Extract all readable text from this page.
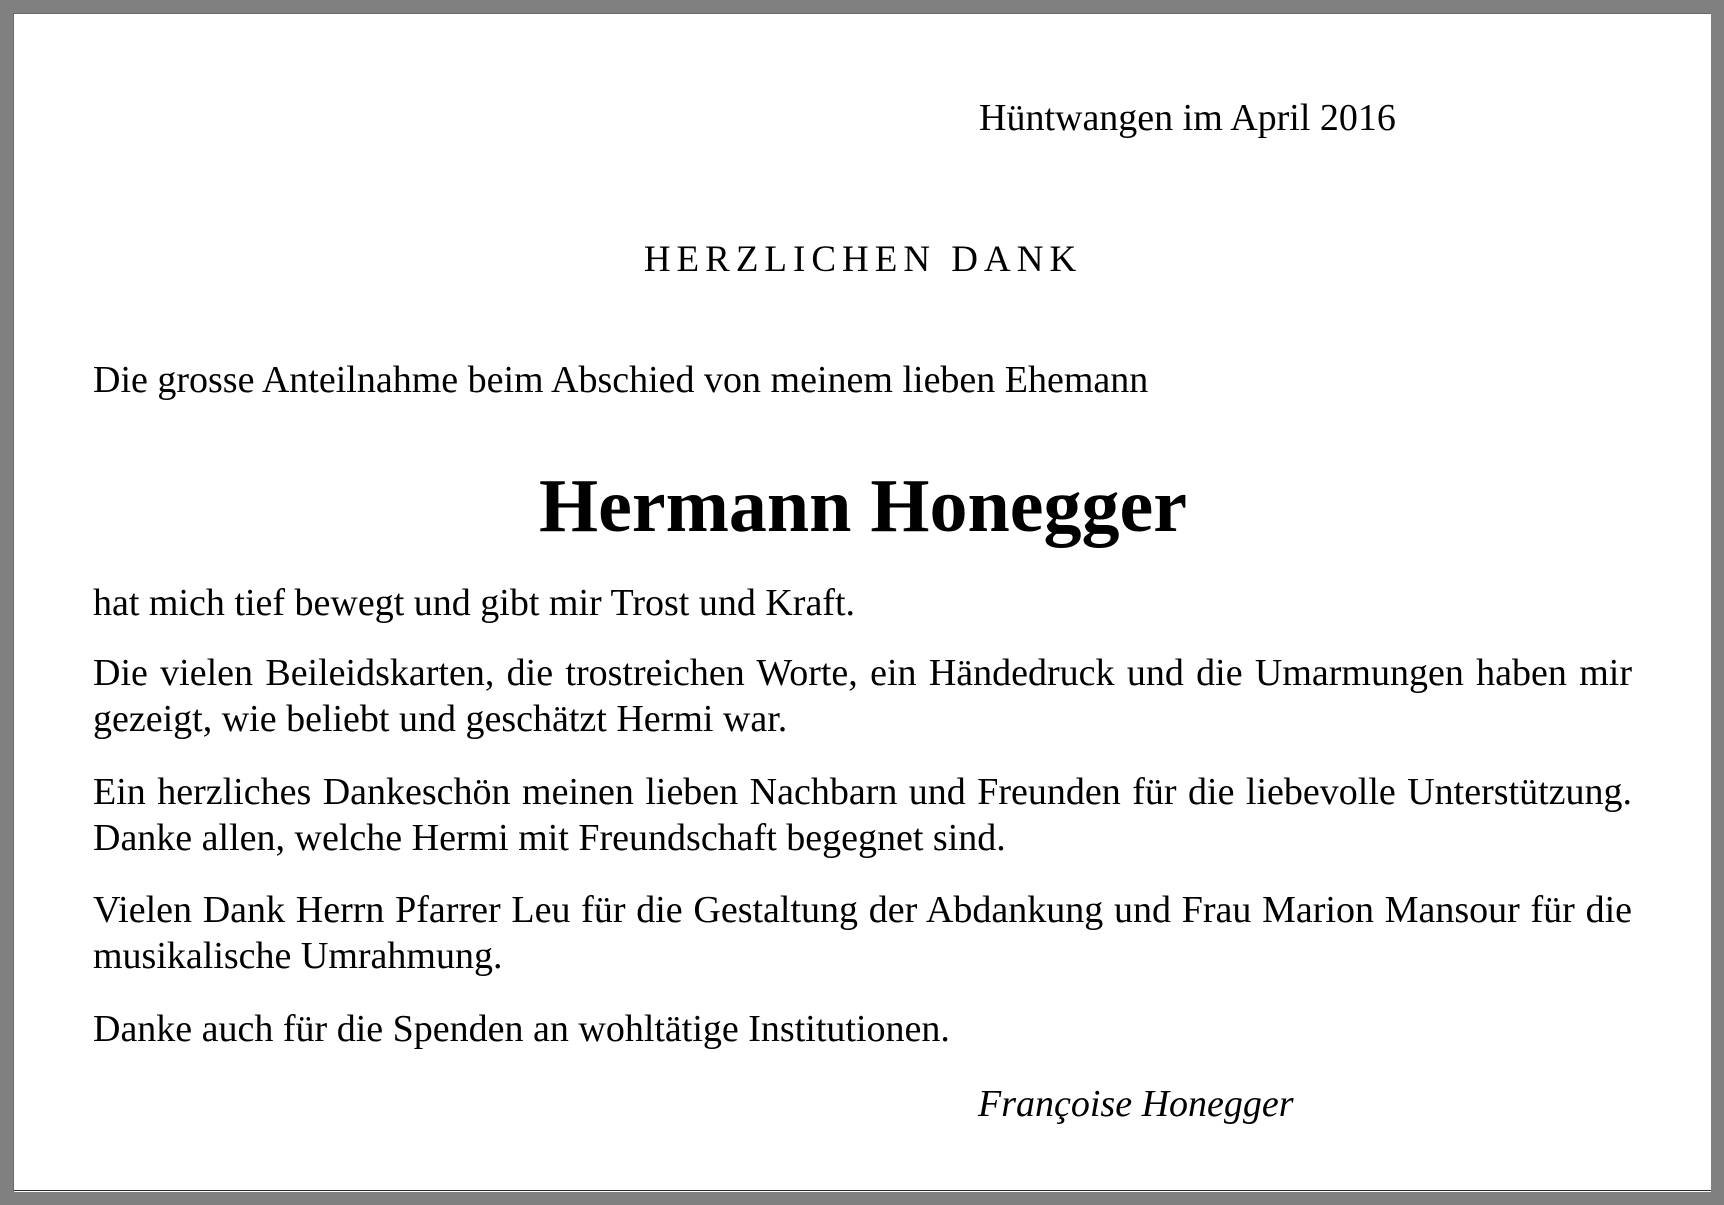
Hüntwangen im April 2016
HERZLICHEN DANK
Die grosse Anteilnahme beim Abschied von meinem lieben Ehemann
Hermann Honegger
hat mich tief bewegt und gibt mir Trost und Kraft.
Die vielen Beileidskarten, die trostreichen Worte, ein Händedruck und die Umarmungen haben mir gezeigt, wie beliebt und geschätzt Hermi war.
Ein herzliches Dankeschön meinen lieben Nachbarn und Freunden für die liebevolle Unterstützung. Danke allen, welche Hermi mit Freundschaft begegnet sind.
Vielen Dank Herrn Pfarrer Leu für die Gestaltung der Abdankung und Frau Marion Mansour für die musikalische Umrahmung.
Danke auch für die Spenden an wohltätige Institutionen.
Françoise Honegger
